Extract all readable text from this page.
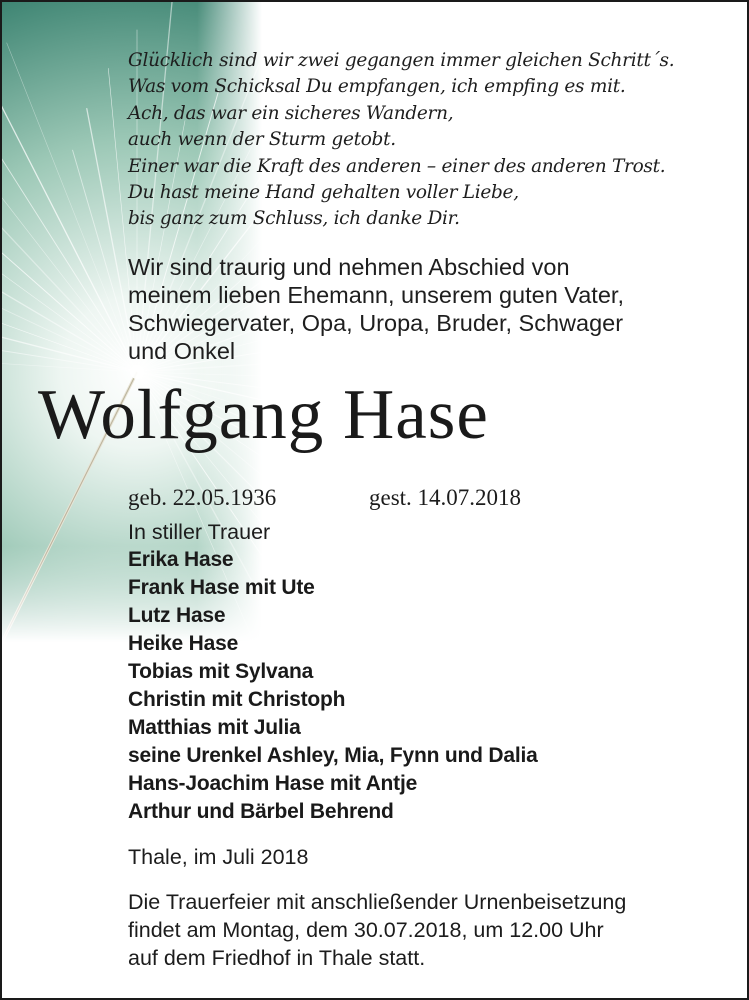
Glücklich sind wir zwei gegangen immer gleichen Schritt´s.
Was vom Schicksal Du empfangen, ich empfing es mit.
Ach, das war ein sicheres Wandern,
auch wenn der Sturm getobt.
Einer war die Kraft des anderen – einer des anderen Trost.
Du hast meine Hand gehalten voller Liebe,
bis ganz zum Schluss, ich danke Dir.
Wir sind traurig und nehmen Abschied von
meinem lieben Ehemann, unserem guten Vater,
Schwiegervater, Opa, Uropa, Bruder, Schwager
und Onkel
Wolfgang Hase
geb. 22.05.1936	gest. 14.07.2018
In stiller Trauer
Erika Hase
Frank Hase mit Ute
Lutz Hase
Heike Hase
Tobias mit Sylvana
Christin mit Christoph
Matthias mit Julia
seine Urenkel Ashley, Mia, Fynn und Dalia
Hans-Joachim Hase mit Antje
Arthur und Bärbel Behrend
Thale, im Juli 2018
Die Trauerfeier mit anschließender Urnenbeisetzung
findet am Montag, dem 30.07.2018, um 12.00 Uhr
auf dem Friedhof in Thale statt.
